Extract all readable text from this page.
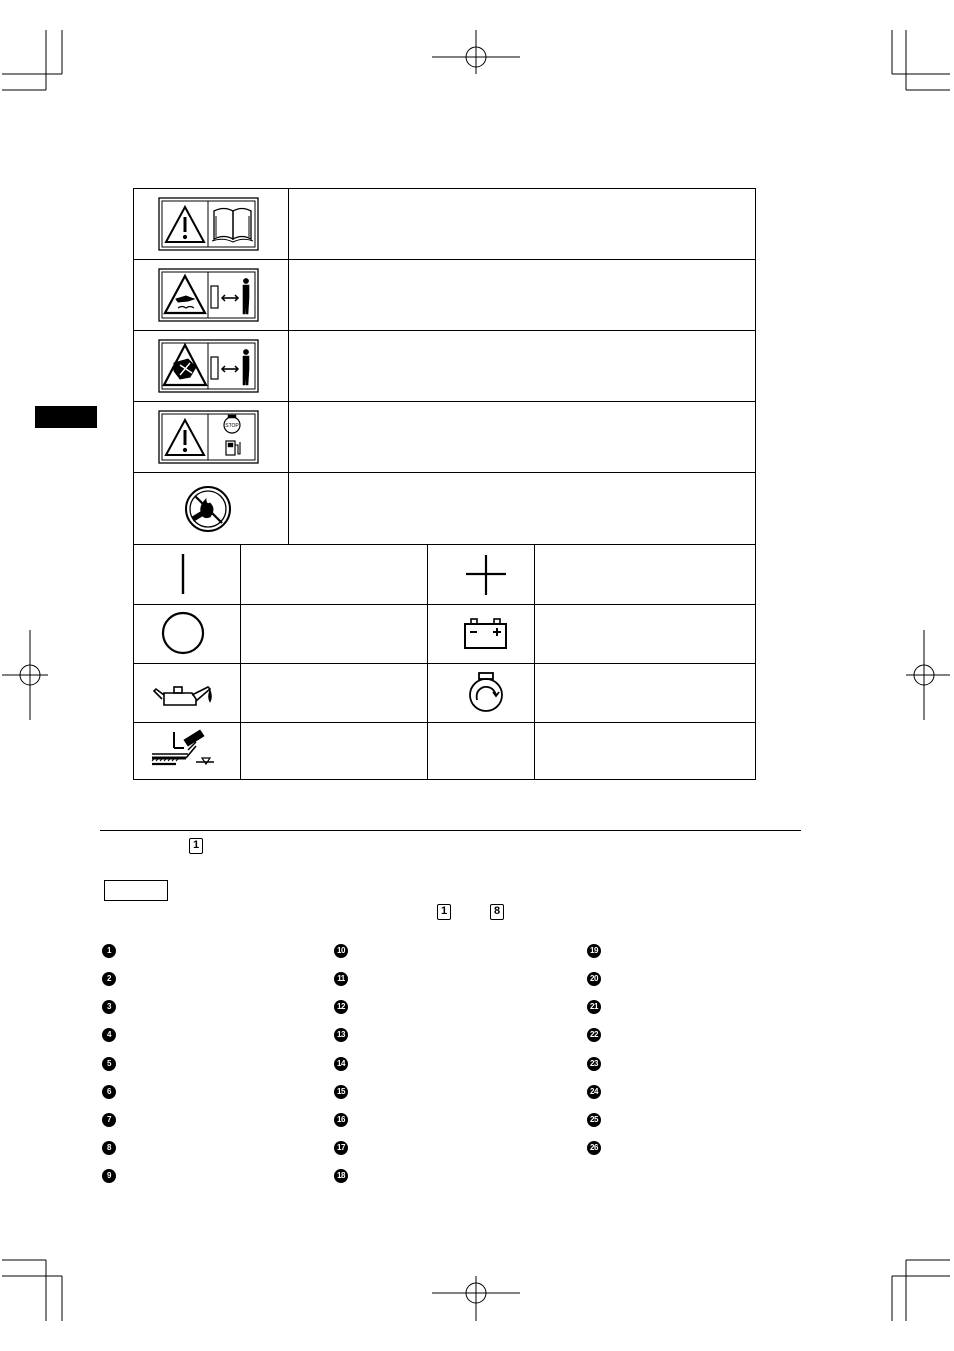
STOP
1
1	8
1
2
3
4
5
6
7
8
9
10
11
12
13
14
15
16
17
18
19
20
21
22
23
24
25
26
